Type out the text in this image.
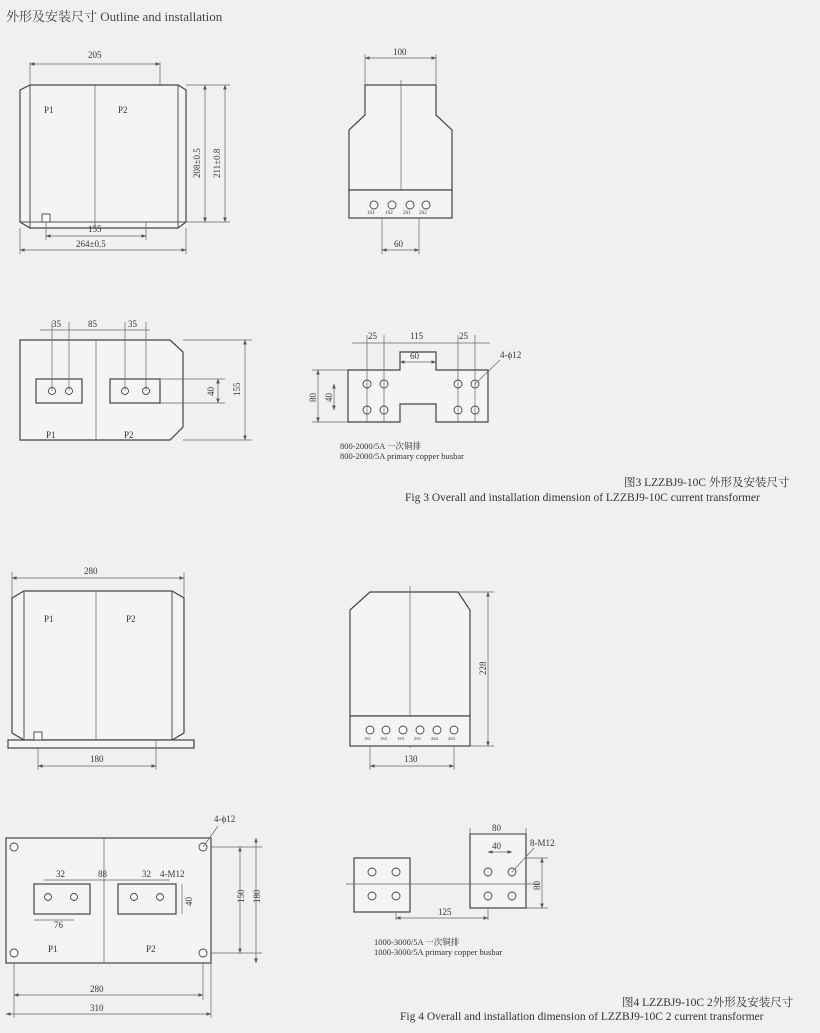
外形及安装尺寸 Outline and installation
P1	P2
205
155
264±0.5
208±0.5 211±0.8
1S1 1S2 2S1 2S2
100
60
P1	P2
35	85	35
40 155
25	115	25
60	4-ϕ12
80 40
800-2000/5A 一次铜排
800-2000/5A primary copper busbar
图3 LZZBJ9-10C 外形及安装尺寸
Fig 3 Overall and installation dimension of LZZBJ9-10C current transformer
P1	P2
280
180
1S1 1S2 1S3 2S1 2S2 2S3
228
130
P1	P2
32	88	32 4-M12
76
40	150 180
4-ϕ12
280
310
125
80
40	8-M12
80
1000-3000/5A 一次铜排
1000-3000/5A primary copper busbar
图4 LZZBJ9-10C 2外形及安装尺寸
Fig 4 Overall and installation dimension of LZZBJ9-10C 2 current transformer
